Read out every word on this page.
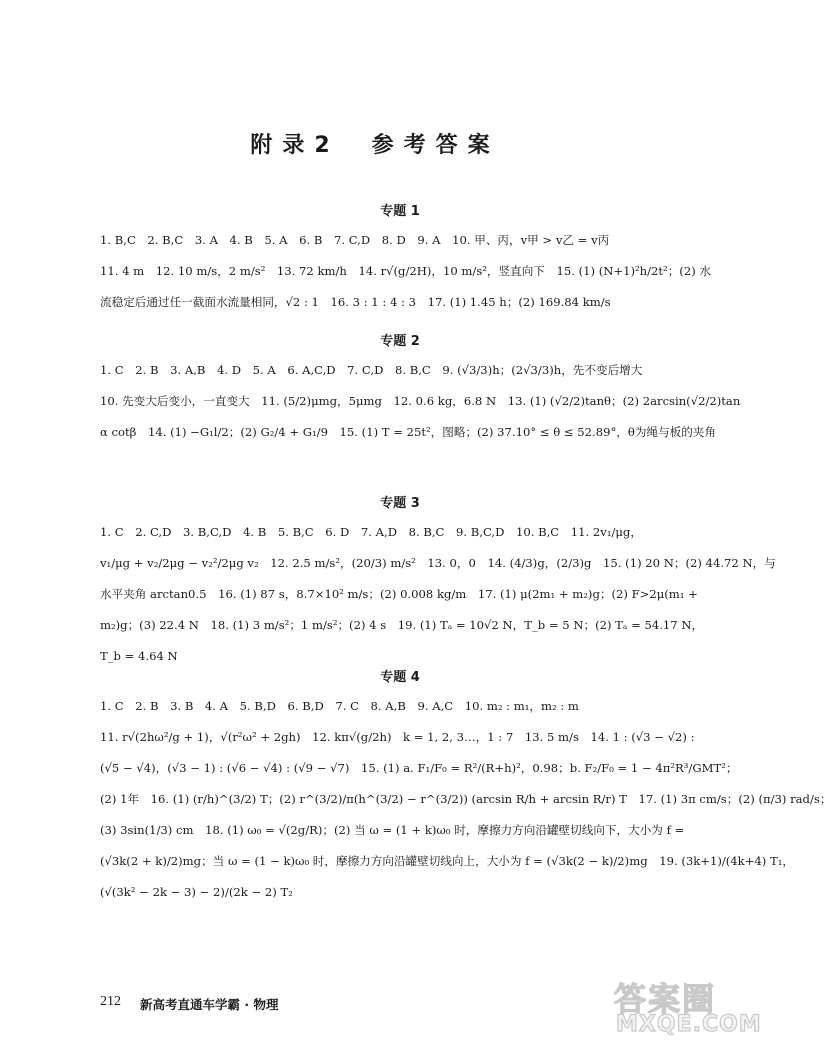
附录2　参考答案
专题 1
1. B,C　2. B,C　3. A　4. B　5. A　6. B　7. C,D　8. D　9. A　10. 甲、丙，v甲 > v乙 = v丙
11. 4 m　12. 10 m/s，2 m/s²　13. 72 km/h　14. r√(g/2H)，10 m/s²，竖直向下　15. (1) (N+1)²h/2t²；(2) 水
流稳定后通过任一截面水流量相同，√2 : 1　16. 3 : 1 : 4 : 3　17. (1) 1.45 h；(2) 169.84 km/s
专题 2
1. C　2. B　3. A,B　4. D　5. A　6. A,C,D　7. C,D　8. B,C　9. (√3/3)h；(2√3/3)h，先不变后增大
10. 先变大后变小，一直变大　11. (5/2)μmg，5μmg　12. 0.6 kg，6.8 N　13. (1) (√2/2)tanθ；(2) 2arcsin(√2/2)tan
α cotβ　14. (1) −G₁l/2；(2) G₂/4 + G₁/9　15. (1) T = 25t²，图略；(2) 37.10° ≤ θ ≤ 52.89°，θ为绳与板的夹角
专题 3
1. C　2. C,D　3. B,C,D　4. B　5. B,C　6. D　7. A,D　8. B,C　9. B,C,D　10. B,C　11. 2v₁/μg，
v₁/μg + v₂/2μg − v₂²/2μg v₂　12. 2.5 m/s²，(20/3) m/s²　13. 0，0　14. (4/3)g，(2/3)g　15. (1) 20 N；(2) 44.72 N，与
水平夹角 arctan0.5　16. (1) 87 s，8.7×10² m/s；(2) 0.008 kg/m　17. (1) μ(2m₁ + m₂)g；(2) F>2μ(m₁ +
m₂)g；(3) 22.4 N　18. (1) 3 m/s²；1 m/s²；(2) 4 s　19. (1) Tₐ = 10√2 N，T_b = 5 N；(2) Tₐ = 54.17 N，
T_b = 4.64 N
专题 4
1. C　2. B　3. B　4. A　5. B,D　6. B,D　7. C　8. A,B　9. A,C　10. m₂ : m₁，m₂ : m
11. r√(2hω²/g + 1)，√(r²ω² + 2gh)　12. kπ√(g/2h)　k = 1, 2, 3…，1 : 7　13. 5 m/s　14. 1 : (√3 − √2) :
(√5 − √4)，(√3 − 1) : (√6 − √4) : (√9 − √7)　15. (1) a. F₁/F₀ = R²/(R+h)²，0.98；b. F₂/F₀ = 1 − 4π²R³/GMT²；
(2) 1年　16. (1) (r/h)^(3/2) T；(2) r^(3/2)/π(h^(3/2) − r^(3/2)) (arcsin R/h + arcsin R/r) T　17. (1) 3π cm/s；(2) (π/3) rad/s；
(3) 3sin(1/3) cm　18. (1) ω₀ = √(2g/R)；(2) 当 ω = (1 + k)ω₀ 时，摩擦力方向沿罐壁切线向下，大小为 f =
(√3k(2 + k)/2)mg；当 ω = (1 − k)ω₀ 时，摩擦力方向沿罐壁切线向上，大小为 f = (√3k(2 − k)/2)mg　19. (3k+1)/(4k+4) T₁，
(√(3k² − 2k − 3) − 2)/(2k − 2) T₂
212 新高考直通车学霸 · 物理	答案圈
MXQE.COM
